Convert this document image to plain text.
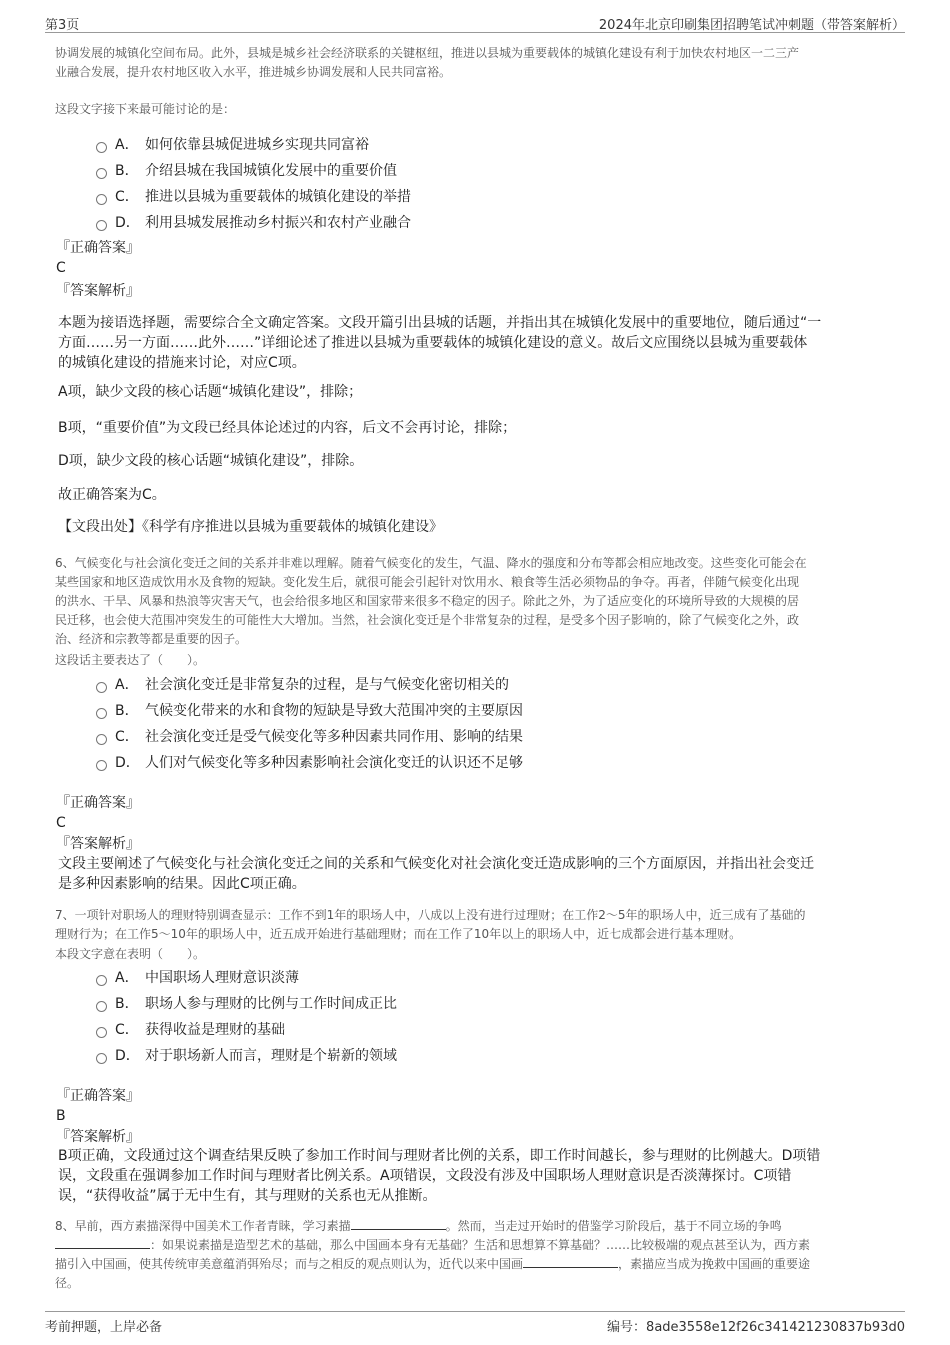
第3页	2024年北京印刷集团招聘笔试冲刺题（带答案解析）
协调发展的城镇化空间布局。此外，县城是城乡社会经济联系的关键枢纽，推进以县城为重要载体的城镇化建设有利于加快农村地区一二三产
业融合发展，提升农村地区收入水平，推进城乡协调发展和人民共同富裕。
这段文字接下来最可能讨论的是：
A． 如何依靠县城促进城乡实现共同富裕
B． 介绍县城在我国城镇化发展中的重要价值
C． 推进以县城为重要载体的城镇化建设的举措
D． 利用县城发展推动乡村振兴和农村产业融合
『正确答案』
C
『答案解析』
本题为接语选择题，需要综合全文确定答案。文段开篇引出县城的话题，并指出其在城镇化发展中的重要地位，随后通过“一
方面……另一方面……此外……”详细论述了推进以县城为重要载体的城镇化建设的意义。故后文应围绕以县城为重要载体
的城镇化建设的措施来讨论，对应C项。
A项，缺少文段的核心话题“城镇化建设”，排除；
B项，“重要价值”为文段已经具体论述过的内容，后文不会再讨论，排除；
D项，缺少文段的核心话题“城镇化建设”，排除。
故正确答案为C。
【文段出处】《科学有序推进以县城为重要载体的城镇化建设》
6、气候变化与社会演化变迁之间的关系并非难以理解。随着气候变化的发生，气温、降水的强度和分布等都会相应地改变。这些变化可能会在
某些国家和地区造成饮用水及食物的短缺。变化发生后，就很可能会引起针对饮用水、粮食等生活必须物品的争夺。再者，伴随气候变化出现
的洪水、干旱、风暴和热浪等灾害天气，也会给很多地区和国家带来很多不稳定的因子。除此之外，为了适应变化的环境所导致的大规模的居
民迁移，也会使大范围冲突发生的可能性大大增加。当然，社会演化变迁是个非常复杂的过程，是受多个因子影响的，除了气候变化之外，政
治、经济和宗教等都是重要的因子。
这段话主要表达了（　　）。
A． 社会演化变迁是非常复杂的过程，是与气候变化密切相关的
B． 气候变化带来的水和食物的短缺是导致大范围冲突的主要原因
C． 社会演化变迁是受气候变化等多种因素共同作用、影响的结果
D． 人们对气候变化等多种因素影响社会演化变迁的认识还不足够
『正确答案』
C
『答案解析』
文段主要阐述了气候变化与社会演化变迁之间的关系和气候变化对社会演化变迁造成影响的三个方面原因，并指出社会变迁
是多种因素影响的结果。因此C项正确。
7、一项针对职场人的理财特别调查显示：工作不到1年的职场人中，八成以上没有进行过理财；在工作2～5年的职场人中，近三成有了基础的
理财行为；在工作5～10年的职场人中，近五成开始进行基础理财；而在工作了10年以上的职场人中，近七成都会进行基本理财。
本段文字意在表明（　　）。
A． 中国职场人理财意识淡薄
B． 职场人参与理财的比例与工作时间成正比
C． 获得收益是理财的基础
D． 对于职场新人而言，理财是个崭新的领域
『正确答案』
B
『答案解析』
B项正确，文段通过这个调查结果反映了参加工作时间与理财者比例的关系，即工作时间越长，参与理财的比例越大。D项错
误，文段重在强调参加工作时间与理财者比例关系。A项错误，文段没有涉及中国职场人理财意识是否淡薄探讨。C项错
误，“获得收益”属于无中生有，其与理财的关系也无从推断。
8、早前，西方素描深得中国美术工作者青睐，学习素描	。然而，当走过开始时的借鉴学习阶段后，基于不同立场的争鸣
：如果说素描是造型艺术的基础，那么中国画本身有无基础？生活和思想算不算基础？……比较极端的观点甚至认为，西方素
描引入中国画，使其传统审美意蕴消弭殆尽；而与之相反的观点则认为，近代以来中国画	，素描应当成为挽救中国画的重要途
径。
考前押题，上岸必备	编号：8ade3558e12f26c341421230837b93d0
